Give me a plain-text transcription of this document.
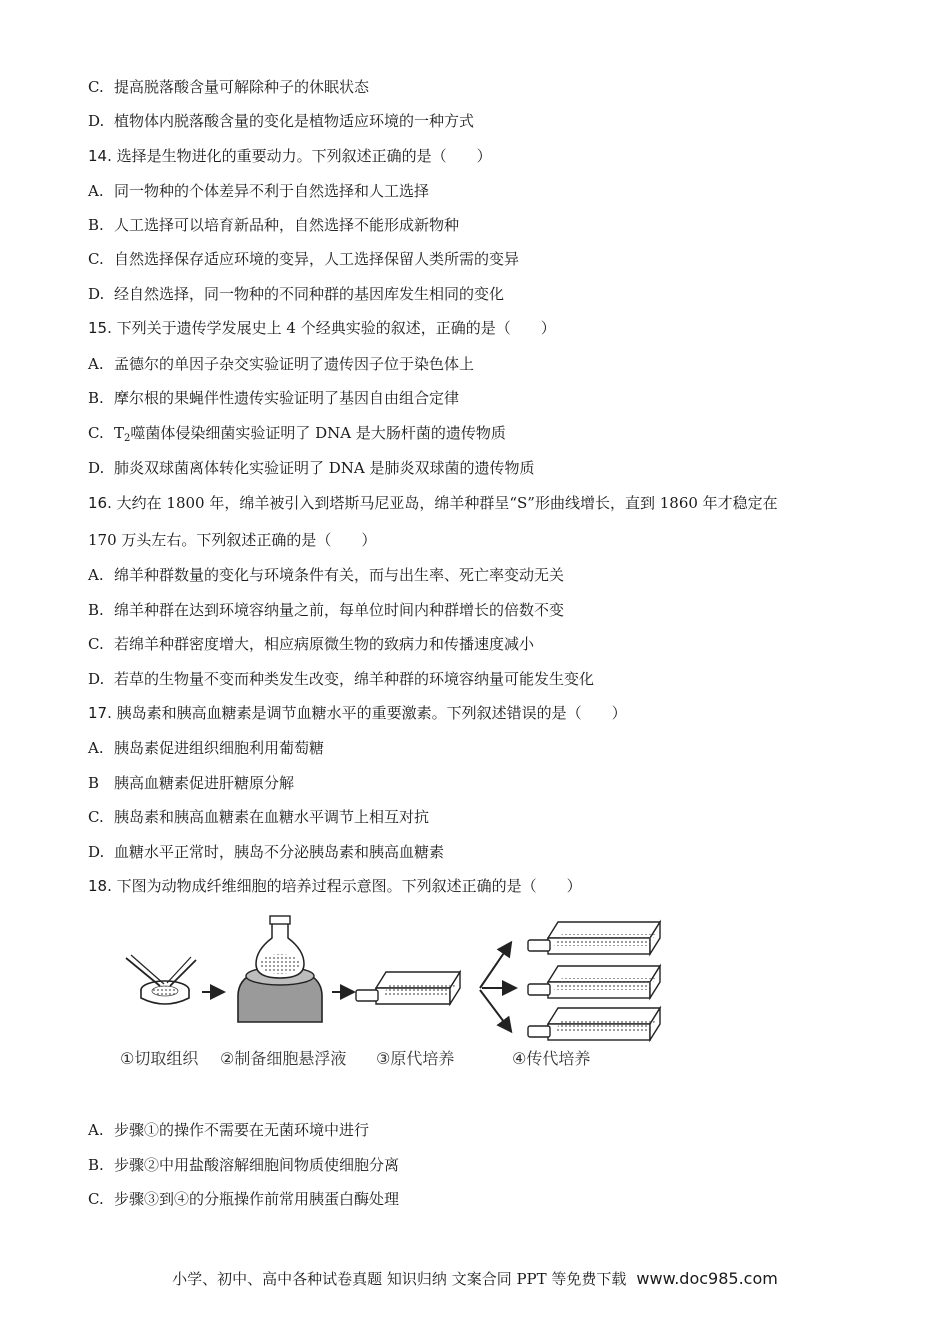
C. 提高脱落酸含量可解除种子的休眠状态
D. 植物体内脱落酸含量的变化是植物适应环境的一种方式
14. 选择是生物进化的重要动力。下列叙述正确的是（　　）
A. 同一物种的个体差异不利于自然选择和人工选择
B. 人工选择可以培育新品种，自然选择不能形成新物种
C. 自然选择保存适应环境的变异，人工选择保留人类所需的变异
D. 经自然选择，同一物种的不同种群的基因库发生相同的变化
15. 下列关于遗传学发展史上 4 个经典实验的叙述，正确的是（　　）
A. 孟德尔的单因子杂交实验证明了遗传因子位于染色体上
B. 摩尔根的果蝇伴性遗传实验证明了基因自由组合定律
C. $T_2$噬菌体侵染细菌实验证明了 DNA 是大肠杆菌的遗传物质
D. 肺炎双球菌离体转化实验证明了 DNA 是肺炎双球菌的遗传物质
16. 大约在 1800 年，绵羊被引入到塔斯马尼亚岛，绵羊种群呈“S”形曲线增长，直到 1860 年才稳定在
170 万头左右。下列叙述正确的是（　　）
A. 绵羊种群数量的变化与环境条件有关，而与出生率、死亡率变动无关
B. 绵羊种群在达到环境容纳量之前，每单位时间内种群增长的倍数不变
C. 若绵羊种群密度增大，相应病原微生物的致病力和传播速度减小
D. 若草的生物量不变而种类发生改变，绵羊种群的环境容纳量可能发生变化
17. 胰岛素和胰高血糖素是调节血糖水平的重要激素。下列叙述错误的是（　　）
A. 胰岛素促进组织细胞利用葡萄糖
B 胰高血糖素促进肝糖原分解
C. 胰岛素和胰高血糖素在血糖水平调节上相互对抗
D. 血糖水平正常时，胰岛不分泌胰岛素和胰高血糖素
18. 下图为动物成纤维细胞的培养过程示意图。下列叙述正确的是（　　）
①切取组织 ②制备细胞悬浮液 ③原代培养	④传代培养
A. 步骤①的操作不需要在无菌环境中进行
B. 步骤②中用盐酸溶解细胞间物质使细胞分离
C. 步骤③到④的分瓶操作前常用胰蛋白酶处理
小学、初中、高中各种试卷真题 知识归纳 文案合同 PPT 等免费下载 www.doc985.com
